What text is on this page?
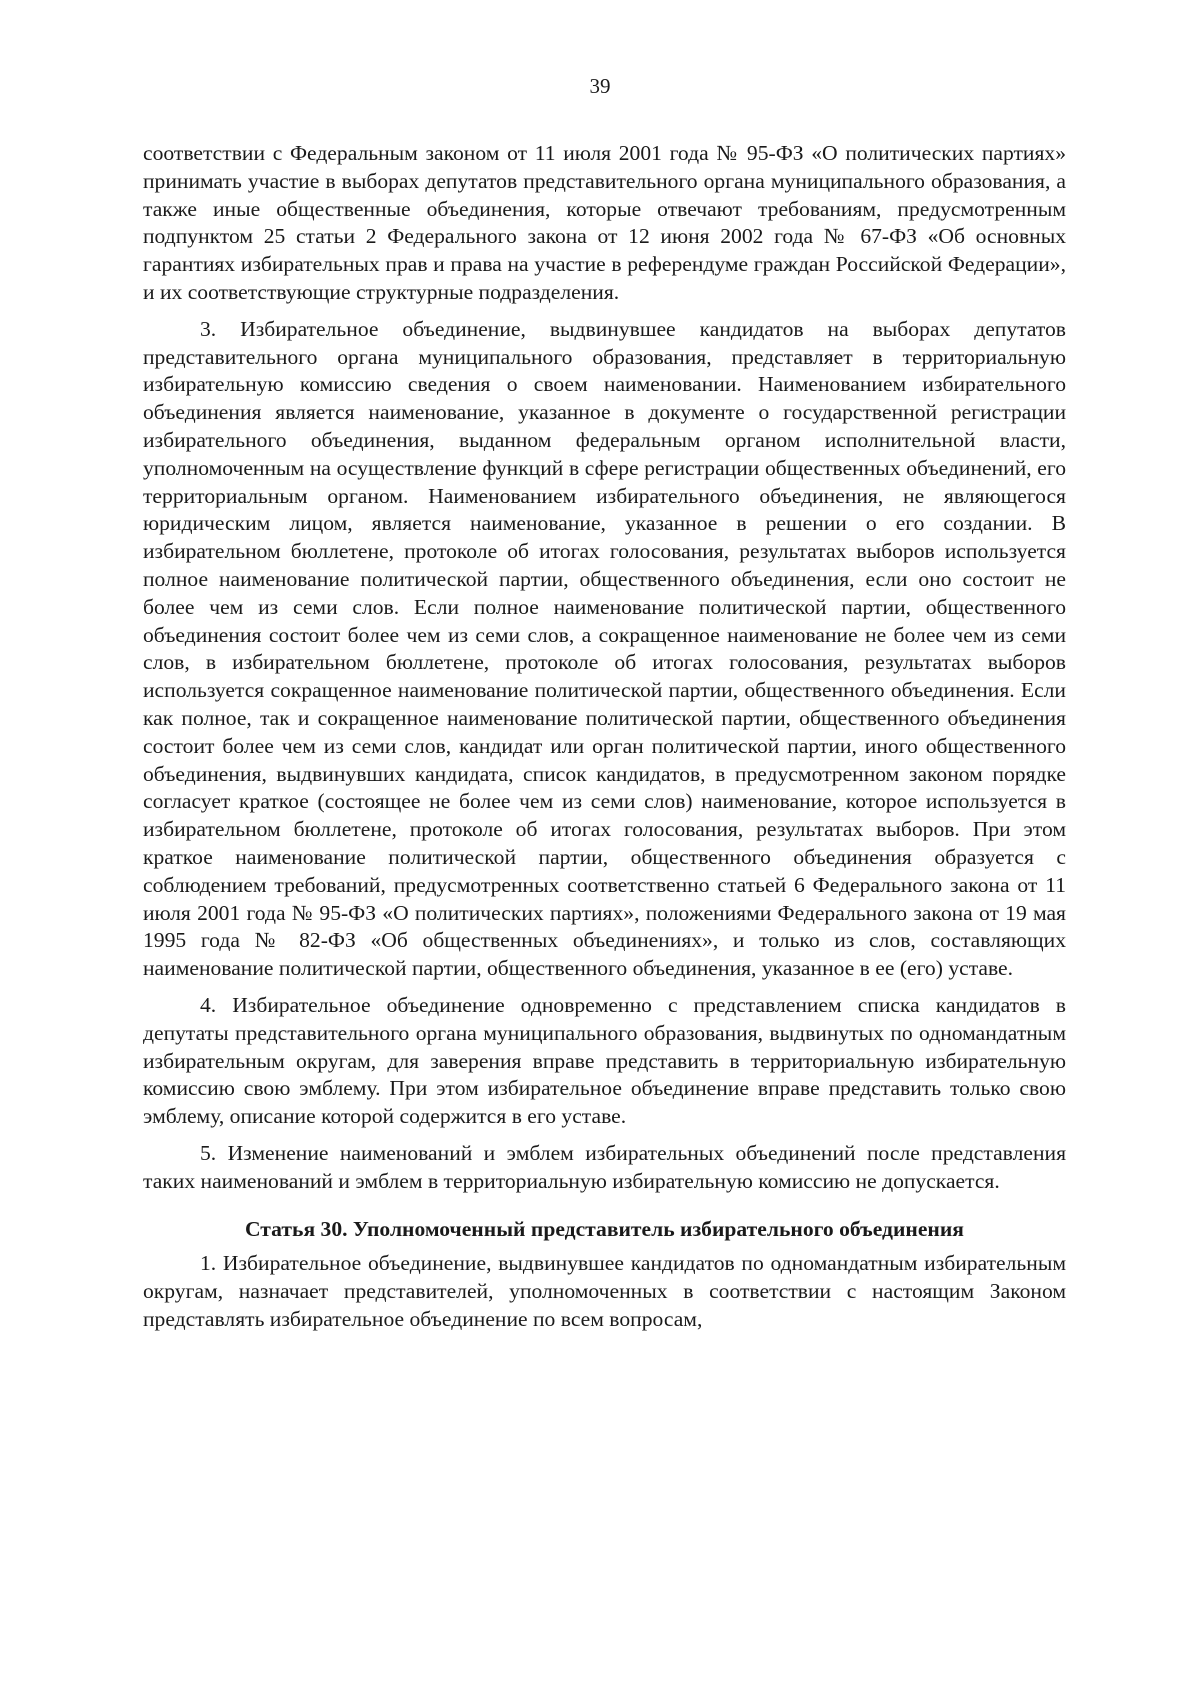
39

соответствии с Федеральным законом от 11 июля 2001 года № 95-ФЗ «О политических партиях» принимать участие в выборах депутатов представительного органа муниципального образования, а также иные общественные объединения, которые отвечают требованиям, предусмотренным подпунктом 25 статьи 2 Федерального закона от 12 июня 2002 года № 67-ФЗ «Об основных гарантиях избирательных прав и права на участие в референдуме граждан Российской Федерации», и их соответствующие структурные подразделения.

3. Избирательное объединение, выдвинувшее кандидатов на выборах депутатов представительного органа муниципального образования, представляет в территориальную избирательную комиссию сведения о своем наименовании. Наименованием избирательного объединения является наименование, указанное в документе о государственной регистрации избирательного объединения, выданном федеральным органом исполнительной власти, уполномоченным на осуществление функций в сфере регистрации общественных объединений, его территориальным органом. Наименованием избирательного объединения, не являющегося юридическим лицом, является наименование, указанное в решении о его создании. В избирательном бюллетене, протоколе об итогах голосования, результатах выборов используется полное наименование политической партии, общественного объединения, если оно состоит не более чем из семи слов. Если полное наименование политической партии, общественного объединения состоит более чем из семи слов, а сокращенное наименование не более чем из семи слов, в избирательном бюллетене, протоколе об итогах голосования, результатах выборов используется сокращенное наименование политической партии, общественного объединения. Если как полное, так и сокращенное наименование политической партии, общественного объединения состоит более чем из семи слов, кандидат или орган политической партии, иного общественного объединения, выдвинувших кандидата, список кандидатов, в предусмотренном законом порядке согласует краткое (состоящее не более чем из семи слов) наименование, которое используется в избирательном бюллетене, протоколе об итогах голосования, результатах выборов. При этом краткое наименование политической партии, общественного объединения образуется с соблюдением требований, предусмотренных соответственно статьей 6 Федерального закона от 11 июля 2001 года № 95-ФЗ «О политических партиях», положениями Федерального закона от 19 мая 1995 года № 82-ФЗ «Об общественных объединениях», и только из слов, составляющих наименование политической партии, общественного объединения, указанное в ее (его) уставе.

4. Избирательное объединение одновременно с представлением списка кандидатов в депутаты представительного органа муниципального образования, выдвинутых по одномандатным избирательным округам, для заверения вправе представить в территориальную избирательную комиссию свою эмблему. При этом избирательное объединение вправе представить только свою эмблему, описание которой содержится в его уставе.

5. Изменение наименований и эмблем избирательных объединений после представления таких наименований и эмблем в территориальную избирательную комиссию не допускается.

Статья 30. Уполномоченный представитель избирательного объединения

1. Избирательное объединение, выдвинувшее кандидатов по одномандатным избирательным округам, назначает представителей, уполномоченных в соответствии с настоящим Законом представлять избирательное объединение по всем вопросам,
